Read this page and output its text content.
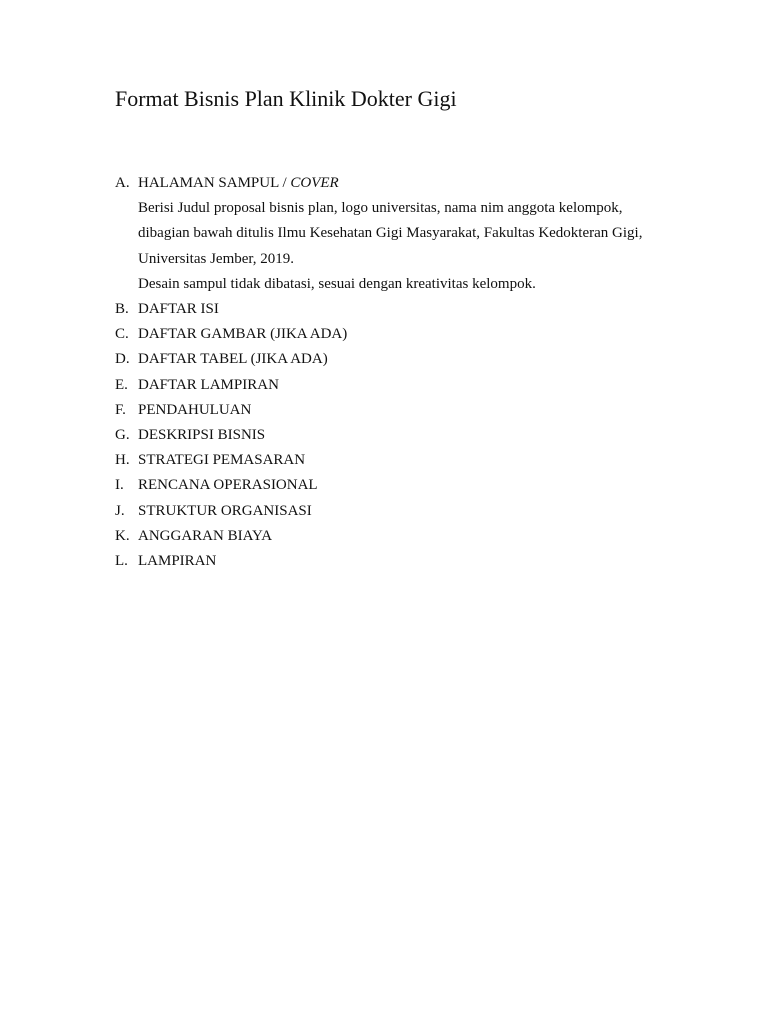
Format Bisnis Plan Klinik Dokter Gigi
A. HALAMAN SAMPUL / COVER
Berisi Judul proposal bisnis plan, logo universitas, nama nim anggota kelompok,
dibagian bawah ditulis Ilmu Kesehatan Gigi Masyarakat, Fakultas Kedokteran Gigi,
Universitas Jember, 2019.
Desain sampul tidak dibatasi, sesuai dengan kreativitas kelompok.
B. DAFTAR ISI
C. DAFTAR GAMBAR (JIKA ADA)
D. DAFTAR TABEL (JIKA ADA)
E. DAFTAR LAMPIRAN
F. PENDAHULUAN
G. DESKRIPSI BISNIS
H. STRATEGI PEMASARAN
I. RENCANA OPERASIONAL
J. STRUKTUR ORGANISASI
K. ANGGARAN BIAYA
L. LAMPIRAN
